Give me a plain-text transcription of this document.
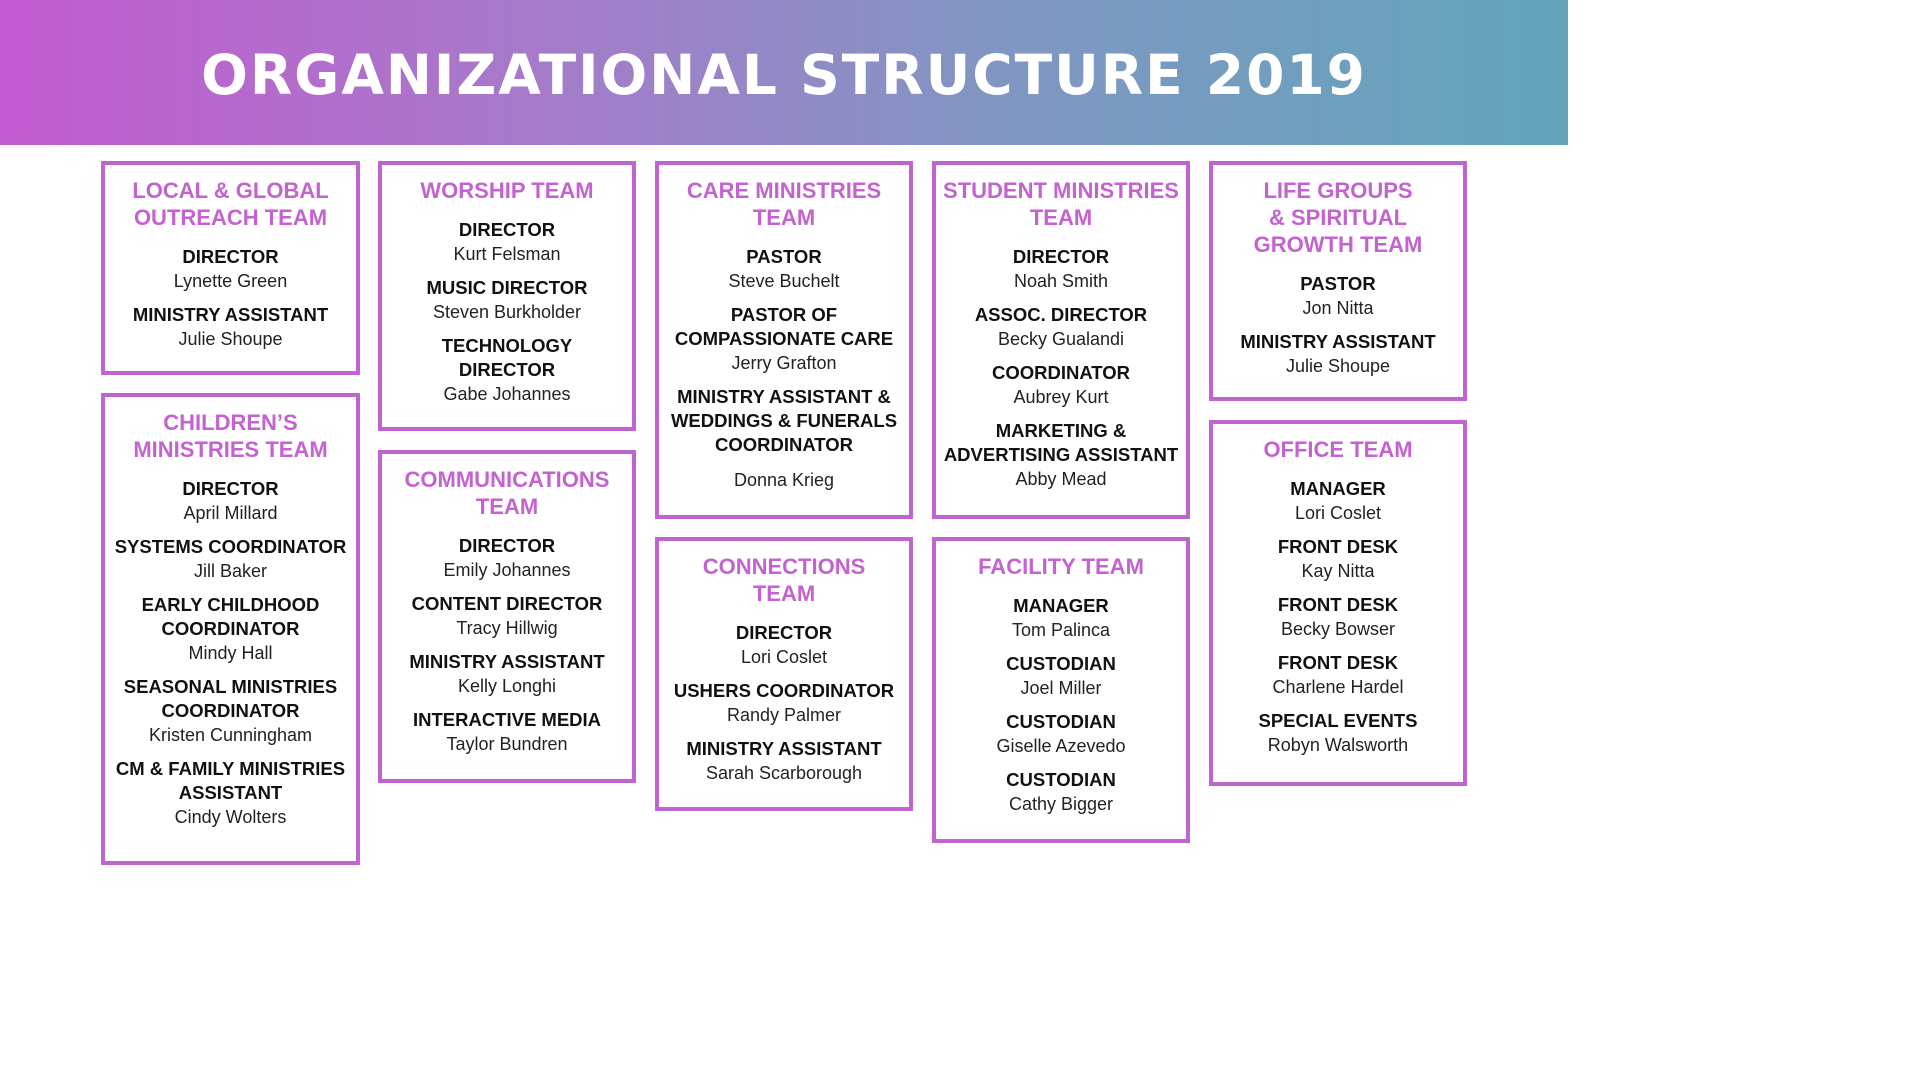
ORGANIZATIONAL STRUCTURE 2019
LOCAL & GLOBAL
OUTREACH TEAM
DIRECTOR
Lynette Green
MINISTRY ASSISTANT
Julie Shoupe
CHILDREN’S
MINISTRIES TEAM
DIRECTOR
April Millard
SYSTEMS COORDINATOR
Jill Baker
EARLY CHILDHOOD
COORDINATOR
Mindy Hall
SEASONAL MINISTRIES
COORDINATOR
Kristen Cunningham
CM & FAMILY MINISTRIES
ASSISTANT
Cindy Wolters
WORSHIP TEAM
DIRECTOR
Kurt Felsman
MUSIC DIRECTOR
Steven Burkholder
TECHNOLOGY
DIRECTOR
Gabe Johannes
COMMUNICATIONS
TEAM
DIRECTOR
Emily Johannes
CONTENT DIRECTOR
Tracy Hillwig
MINISTRY ASSISTANT
Kelly Longhi
INTERACTIVE MEDIA
Taylor Bundren
CARE MINISTRIES
TEAM
PASTOR
Steve Buchelt
PASTOR OF
COMPASSIONATE CARE
Jerry Grafton
MINISTRY ASSISTANT &
WEDDINGS & FUNERALS
COORDINATOR
Donna Krieg
CONNECTIONS
TEAM
DIRECTOR
Lori Coslet
USHERS COORDINATOR
Randy Palmer
MINISTRY ASSISTANT
Sarah Scarborough
STUDENT MINISTRIES
TEAM
DIRECTOR
Noah Smith
ASSOC. DIRECTOR
Becky Gualandi
COORDINATOR
Aubrey Kurt
MARKETING &
ADVERTISING ASSISTANT
Abby Mead
FACILITY TEAM
MANAGER
Tom Palinca
CUSTODIAN
Joel Miller
CUSTODIAN
Giselle Azevedo
CUSTODIAN
Cathy Bigger
LIFE GROUPS
& SPIRITUAL
GROWTH TEAM
PASTOR
Jon Nitta
MINISTRY ASSISTANT
Julie Shoupe
OFFICE TEAM
MANAGER
Lori Coslet
FRONT DESK
Kay Nitta
FRONT DESK
Becky Bowser
FRONT DESK
Charlene Hardel
SPECIAL EVENTS
Robyn Walsworth
